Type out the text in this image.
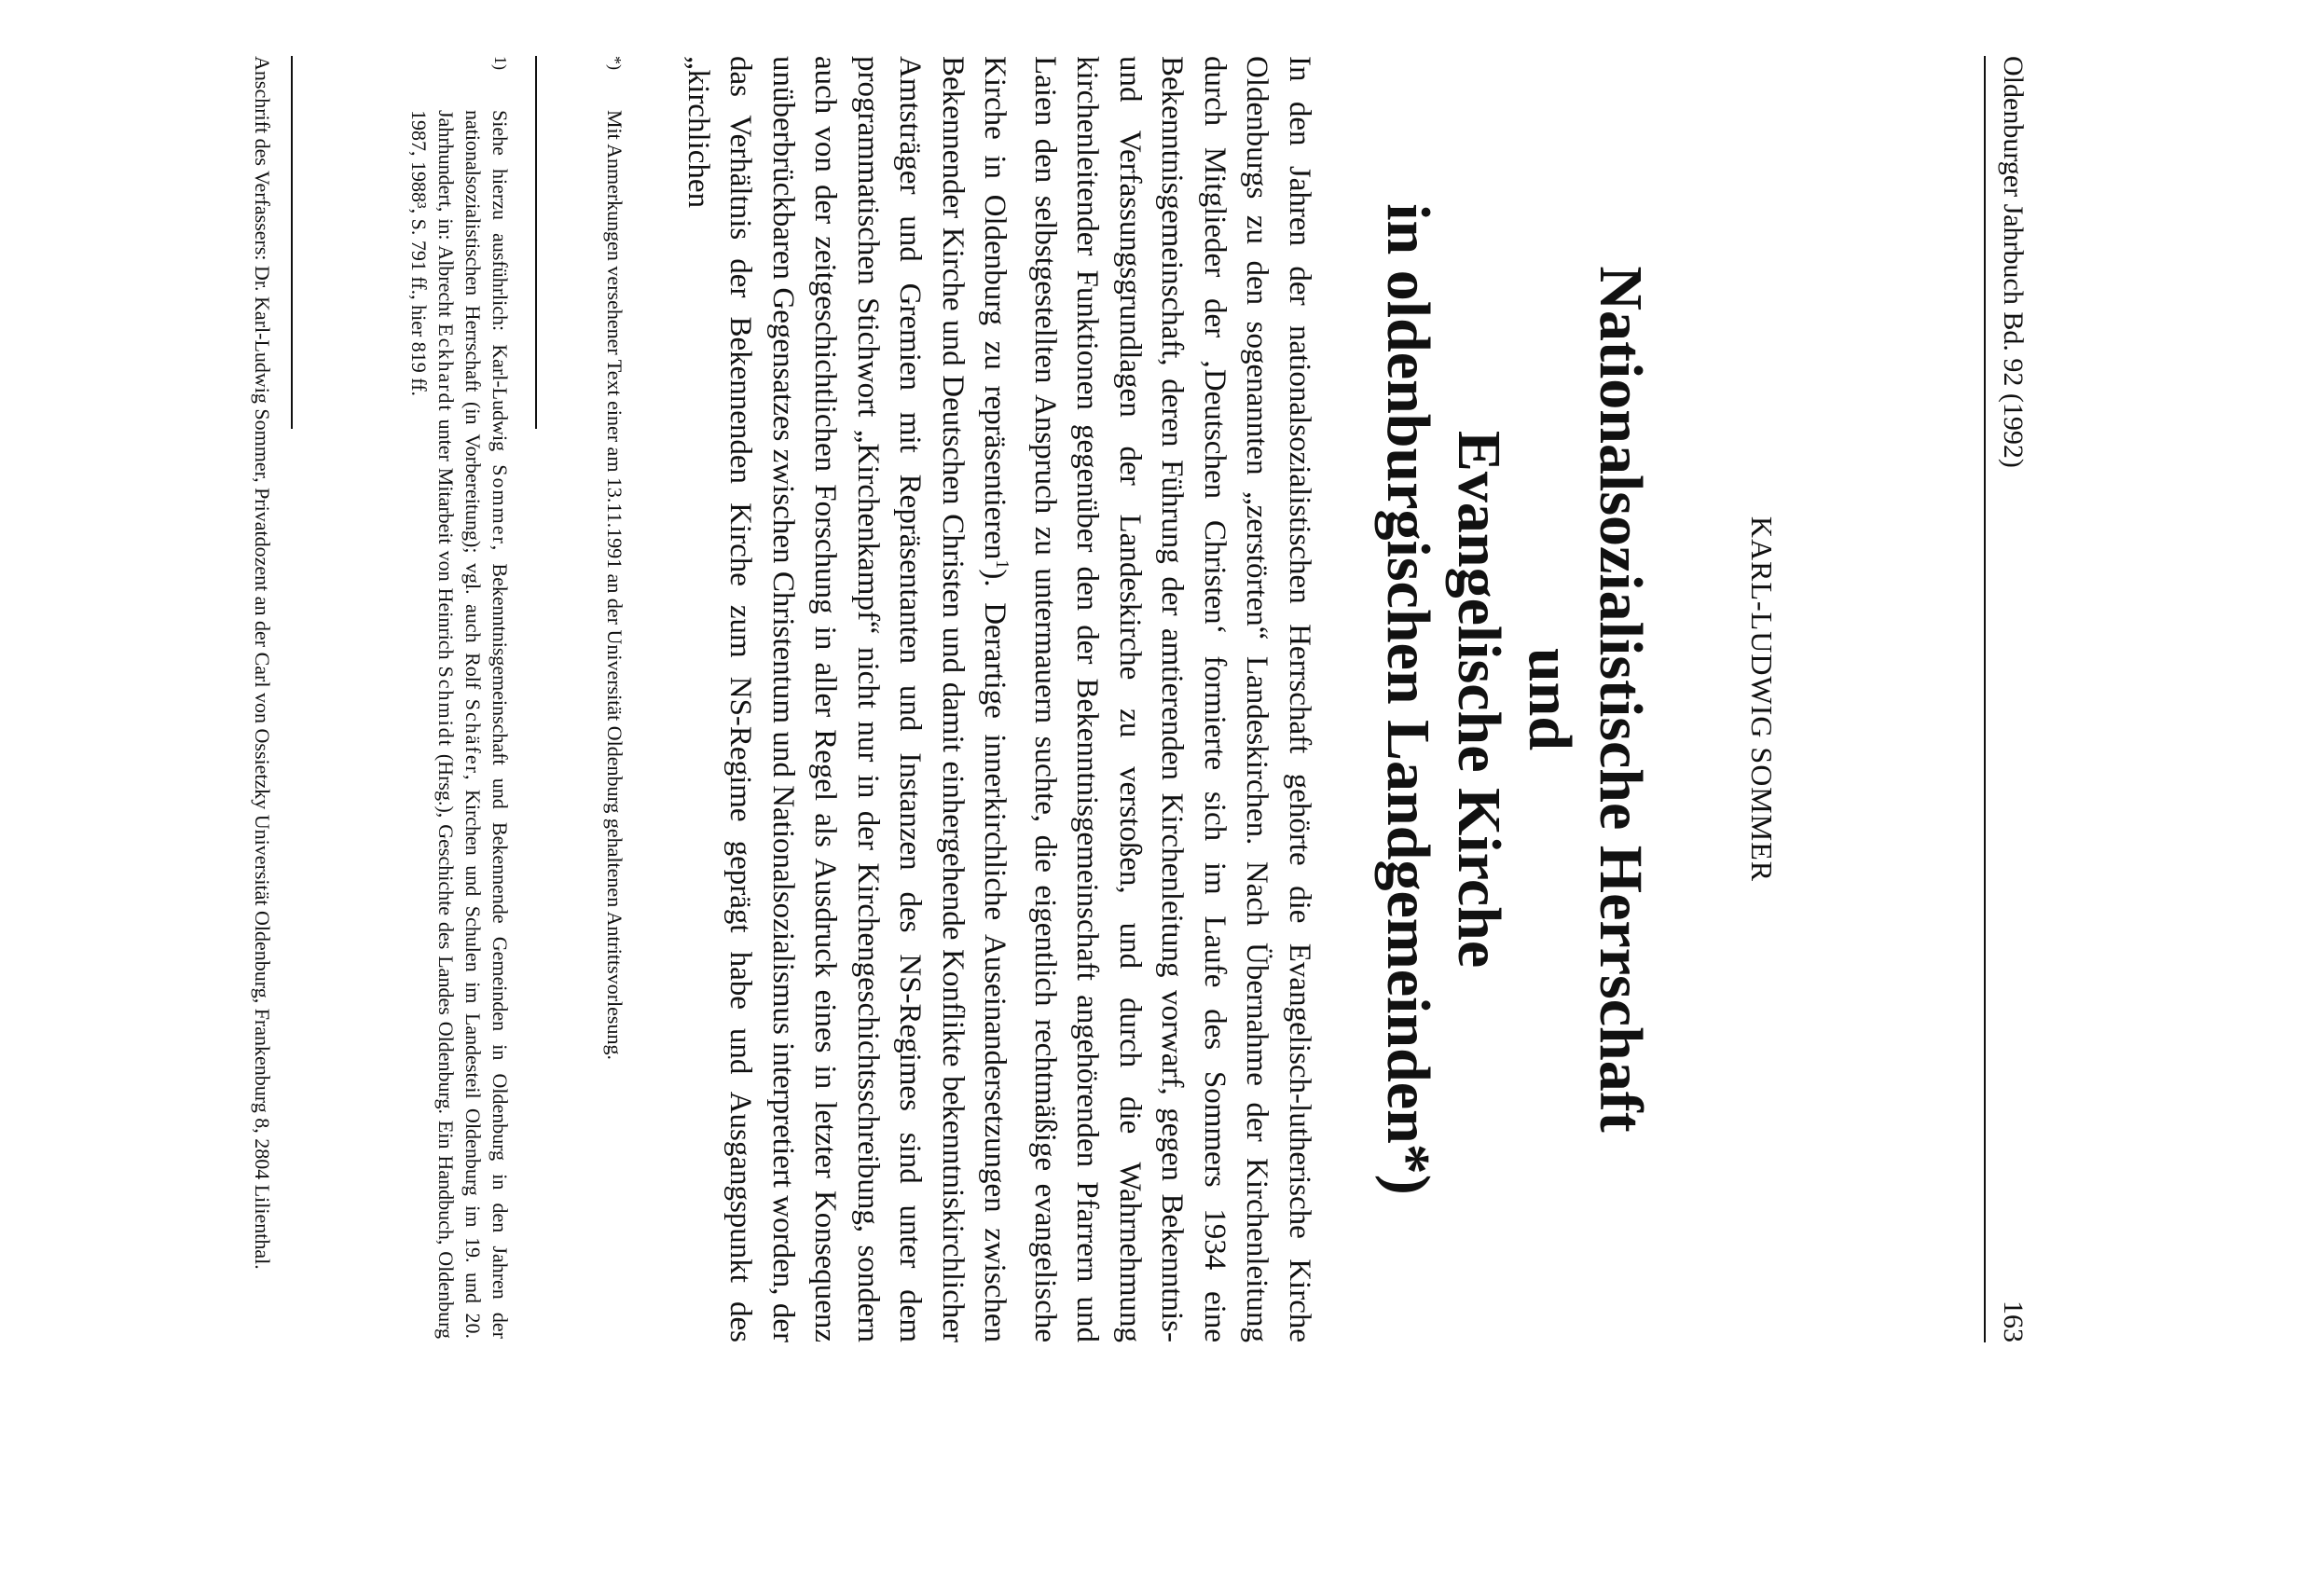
Oldenburger Jahrbuch Bd. 92 (1992)
163
KARL-LUDWIG SOMMER
Nationalsozialistische Herrschaft
und
Evangelische Kirche
in oldenburgischen Landgemeinden*)
In den Jahren der nationalsozialistischen Herrschaft gehörte die Evangelisch-lutherische Kirche Oldenburgs zu den sogenannten „zerstörten“ Landeskirchen. Nach Übernahme der Kirchenleitung durch Mitglieder der ‚Deutschen Christen‘ formierte sich im Laufe des Sommers 1934 eine Bekenntnisgemeinschaft, deren Führung der amtierenden Kirchenleitung vorwarf, gegen Bekenntnis- und Verfassungsgrundlagen der Landeskirche zu verstoßen, und durch die Wahrnehmung kirchenleitender Funktionen gegenüber den der Bekenntnisgemeinschaft angehörenden Pfarrern und Laien den selbstgestellten Anspruch zu untermauern suchte, die eigentlich rechtmäßige evangelische Kirche in Oldenburg zu repräsentieren$^1$). Derartige innerkirchliche Auseinandersetzungen zwischen Bekennender Kirche und Deutschen Christen und damit einhergehende Konflikte bekenntniskirchlicher Amtsträger und Gremien mit Repräsentanten und Instanzen des NS-Regimes sind unter dem programmatischen Stichwort „Kirchenkampf“ nicht nur in der Kirchengeschichtsschreibung, sondern auch von der zeitgeschichtlichen Forschung in aller Regel als Ausdruck eines in letzter Konsequenz unüberbrückbaren Gegensatzes zwischen Christentum und Nationalsozialismus interpretiert worden, der das Verhältnis der Bekennenden Kirche zum NS-Regime geprägt habe und Ausgangspunkt des „kirchlichen
*)Mit Anmerkungen versehener Text einer am 13.11.1991 an der Universität Oldenburg gehaltenen Antrittsvorlesung.
1)Siehe hierzu ausführlich: Karl-Ludwig Sommer, Bekenntnisgemeinschaft und Bekennende Gemeinden in Oldenburg in den Jahren der nationalsozialistischen Herrschaft (in Vorbereitung); vgl. auch Rolf Schäfer, Kirchen und Schulen im Landesteil Oldenburg im 19. und 20. Jahrhundert, in: Albrecht Eckhardt unter Mitarbeit von Heinrich Schmidt (Hrsg.), Geschichte des Landes Oldenburg. Ein Handbuch, Oldenburg 1987, 1988³, S. 791 ff., hier 819 ff.
Anschrift des Verfassers: Dr. Karl-Ludwig Sommer, Privatdozent an der Carl von Ossietzky Universität Oldenburg, Frankenburg 8, 2804 Lilienthal.
